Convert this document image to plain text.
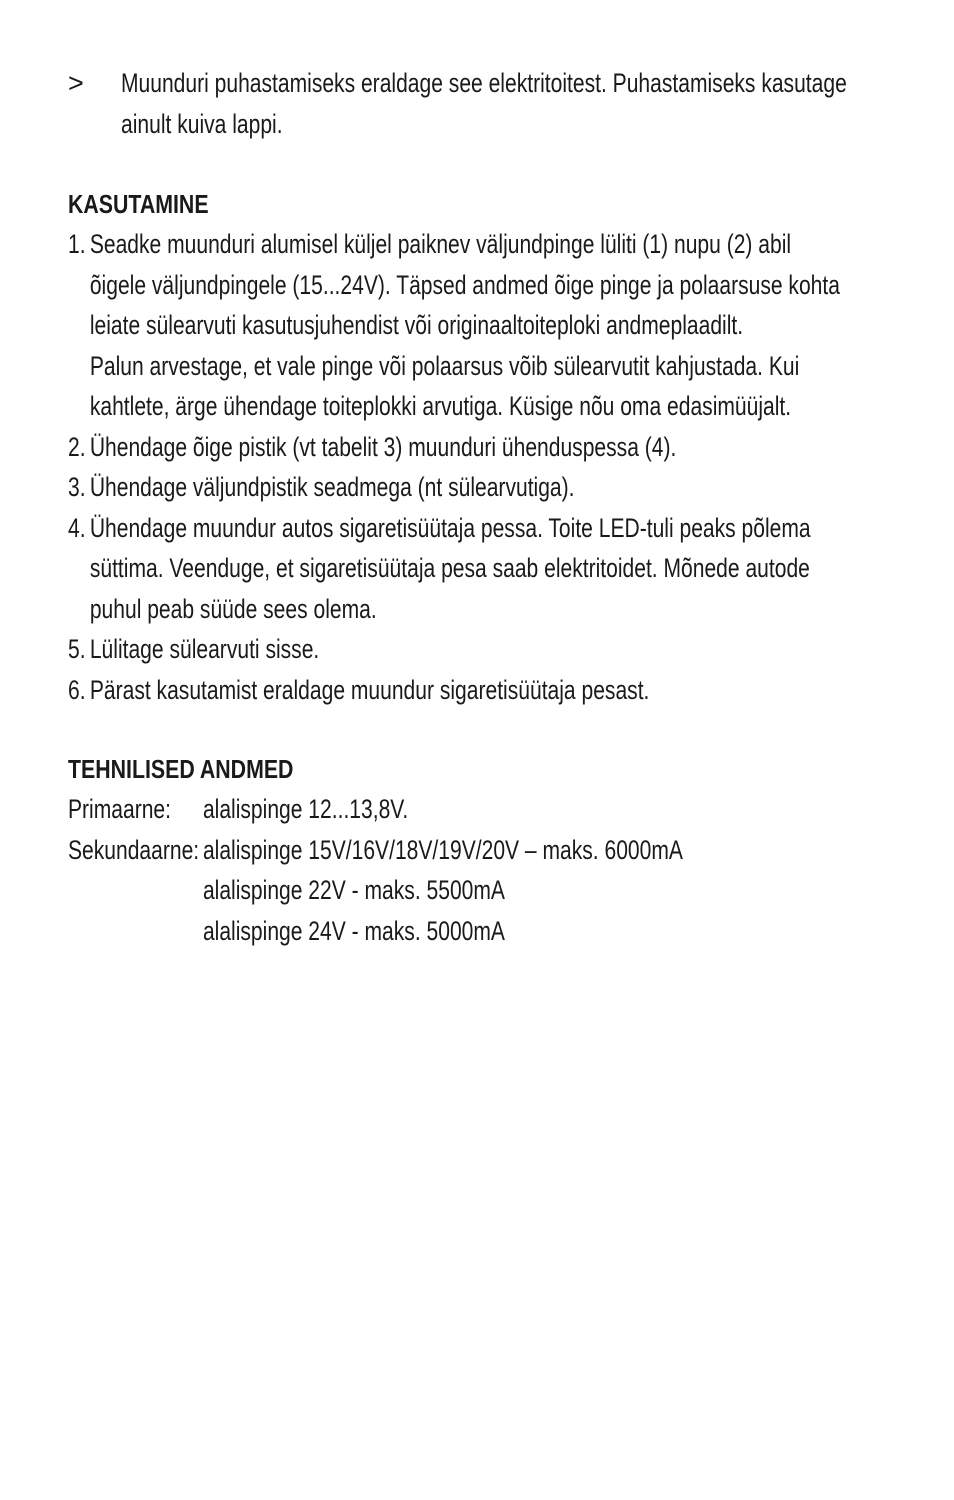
> Muunduri puhastamiseks eraldage see elektritoitest. Puhastamiseks kasutage
ainult kuiva lappi.
KASUTAMINE
1. Seadke muunduri alumisel küljel paiknev väljundpinge lüliti (1) nupu (2) abil
õigele väljundpingele (15...24V). Täpsed andmed õige pinge ja polaarsuse kohta
leiate sülearvuti kasutusjuhendist või originaaltoiteploki andmeplaadilt.
Palun arvestage, et vale pinge või polaarsus võib sülearvutit kahjustada. Kui
kahtlete, ärge ühendage toiteplokki arvutiga. Küsige nõu oma edasimüüjalt.
2. Ühendage õige pistik (vt tabelit 3) muunduri ühenduspessa (4).
3. Ühendage väljundpistik seadmega (nt sülearvutiga).
4. Ühendage muundur autos sigaretisüütaja pessa. Toite LED-tuli peaks põlema
süttima. Veenduge, et sigaretisüütaja pesa saab elektritoidet. Mõnede autode
puhul peab süüde sees olema.
5. Lülitage sülearvuti sisse.
6. Pärast kasutamist eraldage muundur sigaretisüütaja pesast.
TEHNILISED ANDMED
Primaarne: alalispinge 12...13,8V.
Sekundaarne: alalispinge 15V/16V/18V/19V/20V – maks. 6000mA
alalispinge 22V - maks. 5500mA
alalispinge 24V - maks. 5000mA
